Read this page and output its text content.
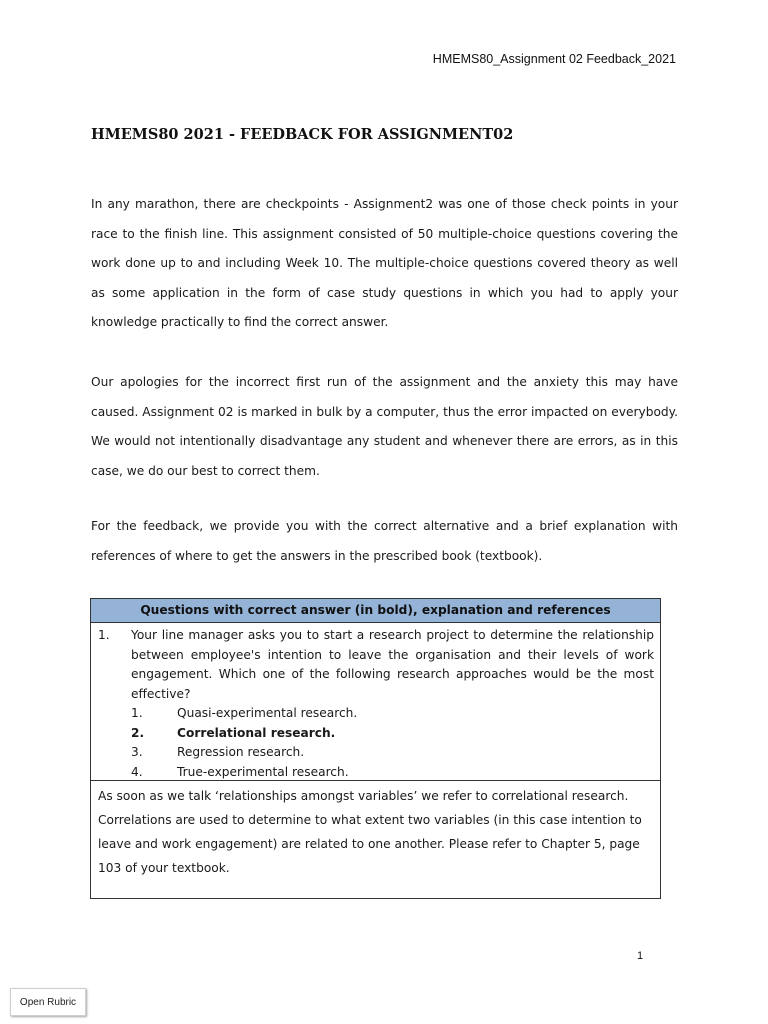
HMEMS80_Assignment 02 Feedback_2021
HMEMS80 2021 - FEEDBACK FOR ASSIGNMENT02

In any marathon, there are checkpoints - Assignment2 was one of those check points in your race to the finish line. This assignment consisted of 50 multiple-choice questions covering the work done up to and including Week 10. The multiple-choice questions covered theory as well as some application in the form of case study questions in which you had to apply your knowledge practically to find the correct answer.

Our apologies for the incorrect first run of the assignment and the anxiety this may have caused. Assignment 02 is marked in bulk by a computer, thus the error impacted on everybody. We would not intentionally disadvantage any student and whenever there are errors, as in this case, we do our best to correct them.

For the feedback, we provide you with the correct alternative and a brief explanation with references of where to get the answers in the prescribed book (textbook).

Questions with correct answer (in bold), explanation and references
1. Your line manager asks you to start a research project to determine the relationship between employee's intention to leave the organisation and their levels of work engagement. Which one of the following research approaches would be the most effective?
1.	Quasi-experimental research.
2.	Correlational research.
3.	Regression research.
4.	True-experimental research.
As soon as we talk ‘relationships amongst variables’ we refer to correlational research. Correlations are used to determine to what extent two variables (in this case intention to leave and work engagement) are related to one another. Please refer to Chapter 5, page 103 of your textbook.
1
Open Rubric
